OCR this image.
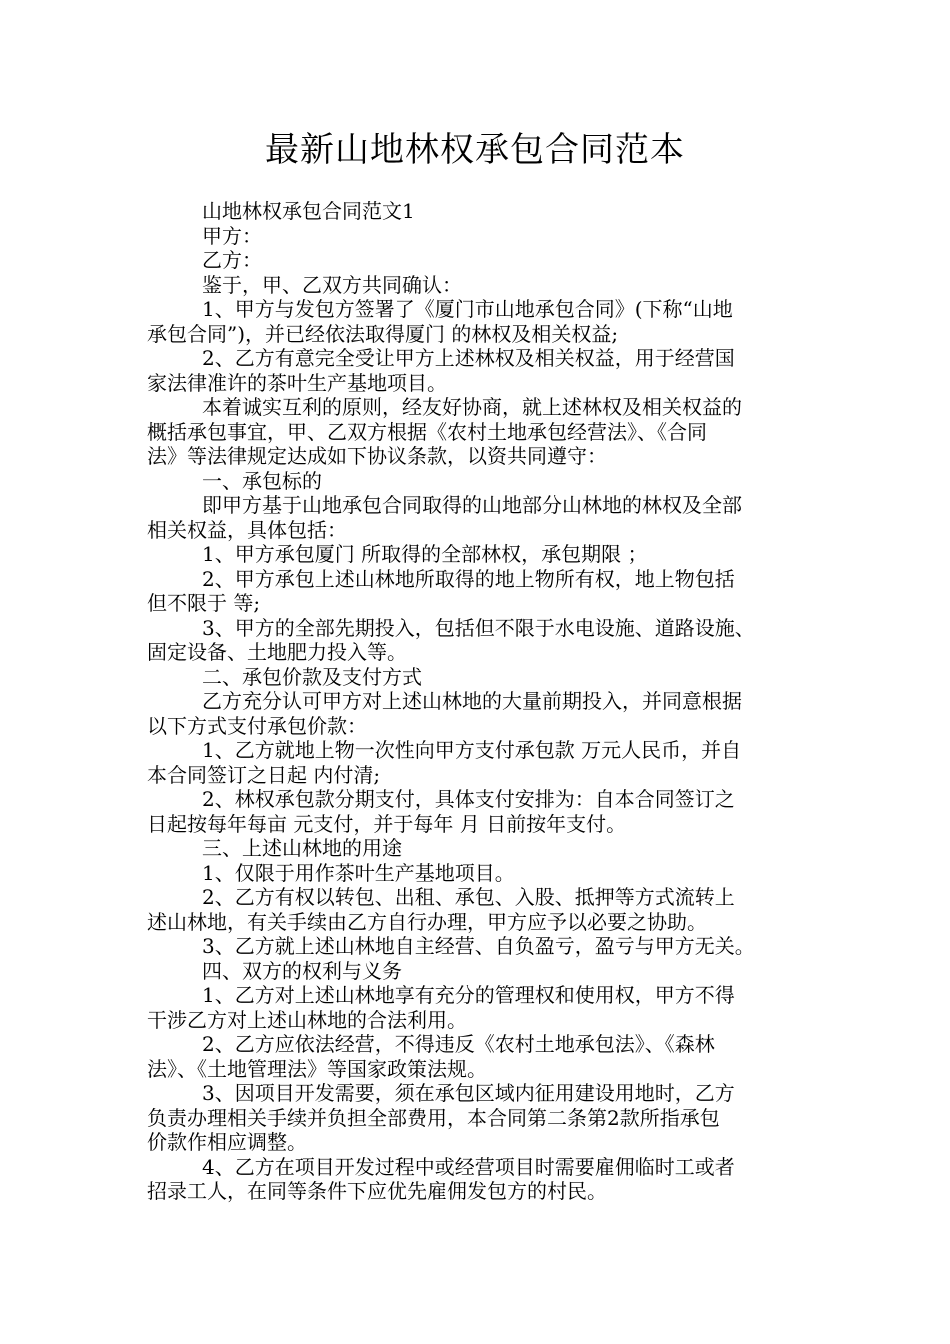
最新山地林权承包合同范本
山地林权承包合同范文1
甲方：
乙方：
鉴于，甲、乙双方共同确认：
1、甲方与发包方签署了《厦门市山地承包合同》(下称“山地
承包合同”)，并已经依法取得厦门 的林权及相关权益;
2、乙方有意完全受让甲方上述林权及相关权益，用于经营国
家法律准许的茶叶生产基地项目。
本着诚实互利的原则，经友好协商，就上述林权及相关权益的
概括承包事宜，甲、乙双方根据《农村土地承包经营法》、《合同
法》等法律规定达成如下协议条款，以资共同遵守：
一、承包标的
即甲方基于山地承包合同取得的山地部分山林地的林权及全部
相关权益，具体包括：
1、甲方承包厦门 所取得的全部林权，承包期限 ；
2、甲方承包上述山林地所取得的地上物所有权，地上物包括
但不限于 等;
3、甲方的全部先期投入，包括但不限于水电设施、道路设施、
固定设备、土地肥力投入等。
二、承包价款及支付方式
乙方充分认可甲方对上述山林地的大量前期投入，并同意根据
以下方式支付承包价款：
1、乙方就地上物一次性向甲方支付承包款 万元人民币，并自
本合同签订之日起 内付清;
2、林权承包款分期支付，具体支付安排为：自本合同签订之
日起按每年每亩 元支付，并于每年 月 日前按年支付。
三、上述山林地的用途
1、仅限于用作茶叶生产基地项目。
2、乙方有权以转包、出租、承包、入股、抵押等方式流转上
述山林地，有关手续由乙方自行办理，甲方应予以必要之协助。
3、乙方就上述山林地自主经营、自负盈亏，盈亏与甲方无关。
四、双方的权利与义务
1、乙方对上述山林地享有充分的管理权和使用权，甲方不得
干涉乙方对上述山林地的合法利用。
2、乙方应依法经营，不得违反《农村土地承包法》、《森林
法》、《土地管理法》等国家政策法规。
3、因项目开发需要，须在承包区域内征用建设用地时，乙方
负责办理相关手续并负担全部费用，本合同第二条第2款所指承包
价款作相应调整。
4、乙方在项目开发过程中或经营项目时需要雇佣临时工或者
招录工人，在同等条件下应优先雇佣发包方的村民。
